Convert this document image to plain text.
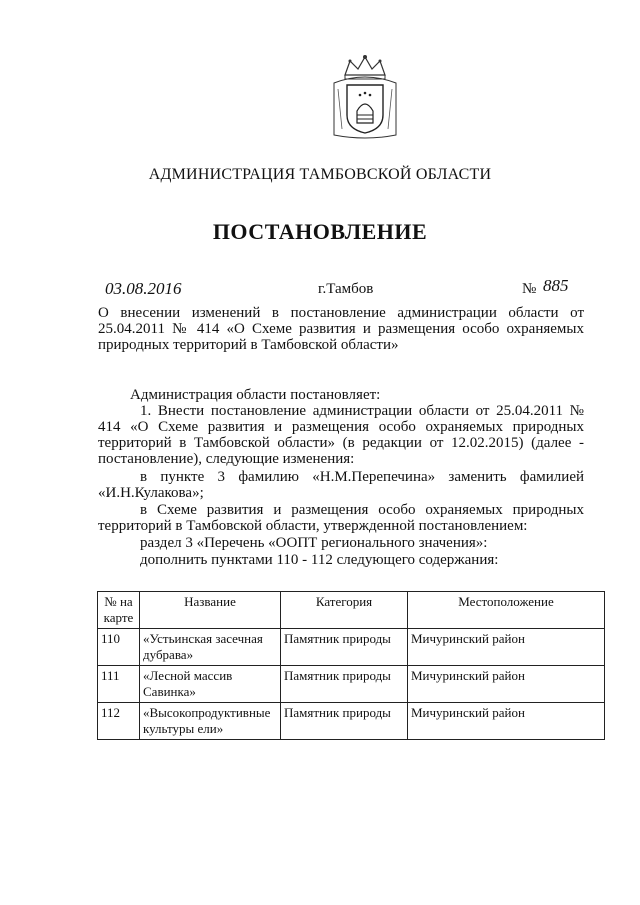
АДМИНИСТРАЦИЯ ТАМБОВСКОЙ ОБЛАСТИ
ПОСТАНОВЛЕНИЕ
03.08.2016	г.Тамбов	№ 885
О внесении изменений в постановление администрации области от 25.04.2011 № 414 «О Схеме развития и размещения особо охраняемых природных территорий в Тамбовской области»
Администрация области постановляет:
1. Внести постановление администрации области от 25.04.2011 № 414 «О Схеме развития и размещения особо охраняемых природных территорий в Тамбовской области» (в редакции от 12.02.2015) (далее - постановление), следующие изменения:
в пункте 3 фамилию «Н.М.Перепечина» заменить фамилией «И.Н.Кулакова»;
в Схеме развития и размещения особо охраняемых природных территорий в Тамбовской области, утвержденной постановлением:
раздел 3 «Перечень «ООПТ регионального значения»:
дополнить пунктами 110 - 112 следующего содержания:
№ на карте	Название	Категория	Местоположение
110	«Устьинская засечная дубрава»	Памятник природы	Мичуринский район
111	«Лесной массив Савинка»	Памятник природы	Мичуринский район
112	«Высокопродуктивные культуры ели»	Памятник природы	Мичуринский район
